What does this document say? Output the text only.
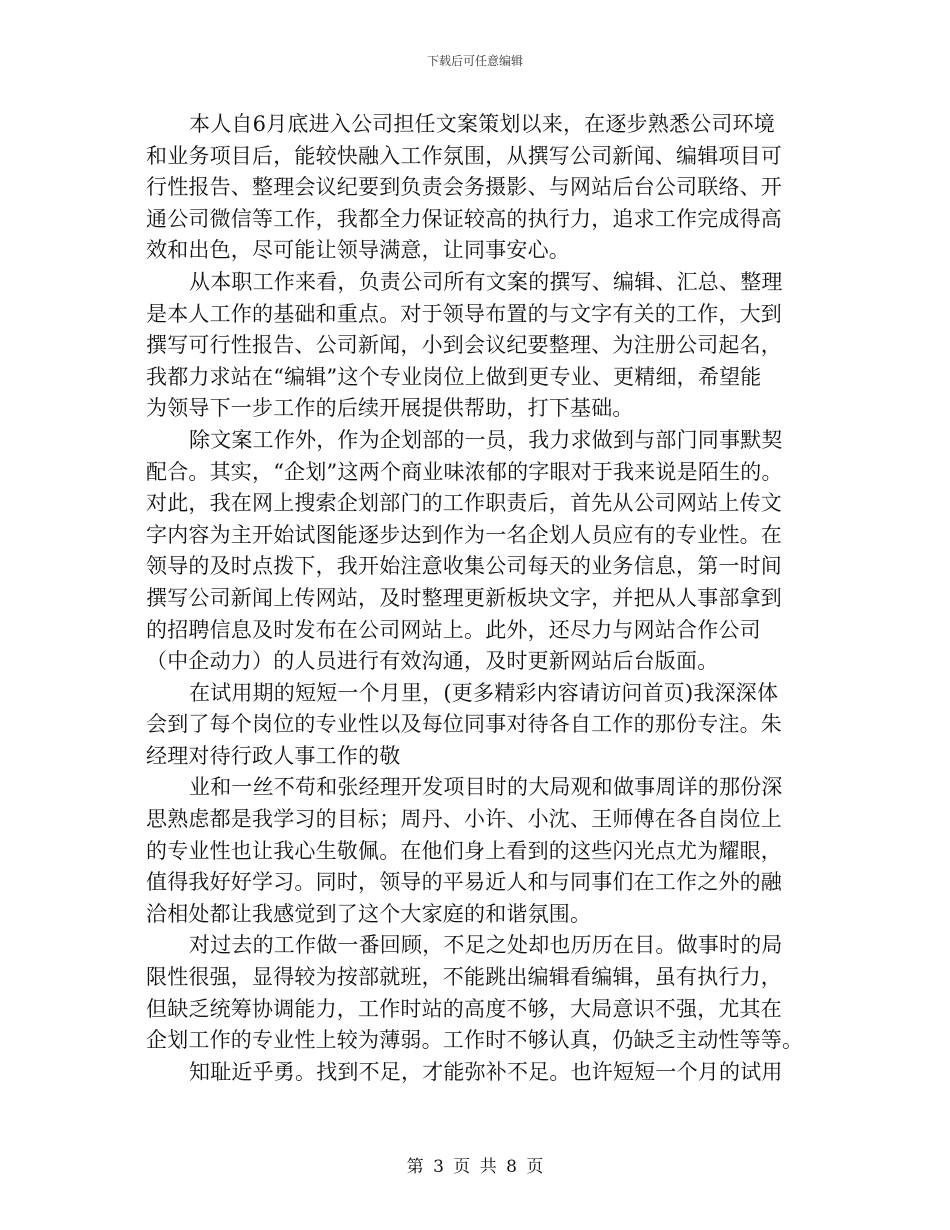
下载后可任意编辑
本人自6月底进入公司担任文案策划以来，在逐步熟悉公司环境
和业务项目后，能较快融入工作氛围，从撰写公司新闻、编辑项目可
行性报告、整理会议纪要到负责会务摄影、与网站后台公司联络、开
通公司微信等工作，我都全力保证较高的执行力，追求工作完成得高
效和出色，尽可能让领导满意，让同事安心。
从本职工作来看，负责公司所有文案的撰写、编辑、汇总、整理
是本人工作的基础和重点。对于领导布置的与文字有关的工作，大到
撰写可行性报告、公司新闻，小到会议纪要整理、为注册公司起名，
我都力求站在“编辑”这个专业岗位上做到更专业、更精细，希望能
为领导下一步工作的后续开展提供帮助，打下基础。
除文案工作外，作为企划部的一员，我力求做到与部门同事默契
配合。其实，“企划”这两个商业味浓郁的字眼对于我来说是陌生的。
对此，我在网上搜索企划部门的工作职责后，首先从公司网站上传文
字内容为主开始试图能逐步达到作为一名企划人员应有的专业性。在
领导的及时点拨下，我开始注意收集公司每天的业务信息，第一时间
撰写公司新闻上传网站，及时整理更新板块文字，并把从人事部拿到
的招聘信息及时发布在公司网站上。此外，还尽力与网站合作公司
（中企动力）的人员进行有效沟通，及时更新网站后台版面。
在试用期的短短一个月里，(更多精彩内容请访问首页)我深深体
会到了每个岗位的专业性以及每位同事对待各自工作的那份专注。朱
经理对待行政人事工作的敬
业和一丝不苟和张经理开发项目时的大局观和做事周详的那份深
思熟虑都是我学习的目标；周丹、小许、小沈、王师傅在各自岗位上
的专业性也让我心生敬佩。在他们身上看到的这些闪光点尤为耀眼，
值得我好好学习。同时，领导的平易近人和与同事们在工作之外的融
洽相处都让我感觉到了这个大家庭的和谐氛围。
对过去的工作做一番回顾，不足之处却也历历在目。做事时的局
限性很强，显得较为按部就班，不能跳出编辑看编辑，虽有执行力，
但缺乏统筹协调能力，工作时站的高度不够，大局意识不强，尤其在
企划工作的专业性上较为薄弱。工作时不够认真，仍缺乏主动性等等。
知耻近乎勇。找到不足，才能弥补不足。也许短短一个月的试用
第 3 页 共 8 页
